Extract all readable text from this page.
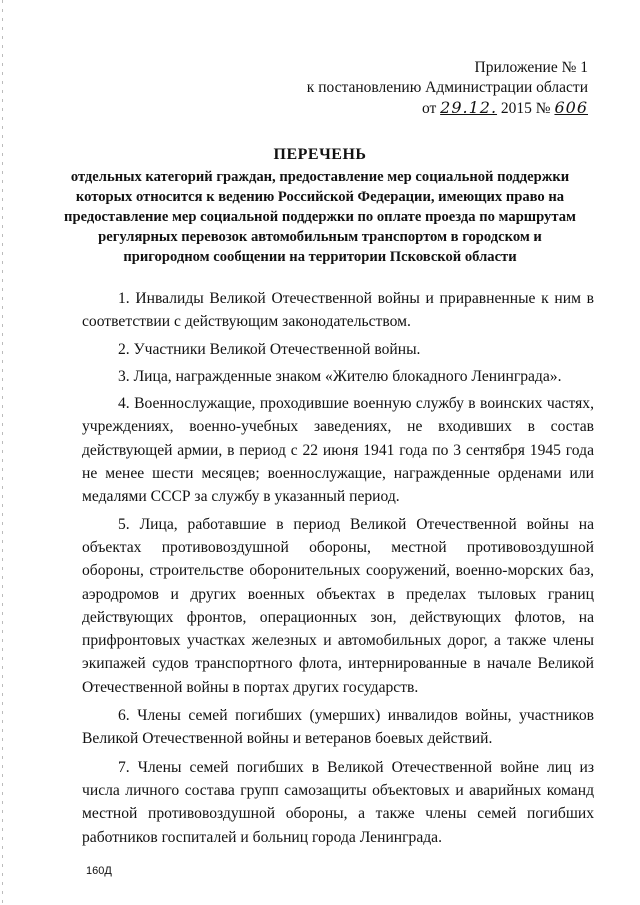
Приложение № 1
к постановлению Администрации области
от 29.12. 2015 № 606
ПЕРЕЧЕНЬ
отдельных категорий граждан, предоставление мер социальной поддержки которых относится к ведению Российской Федерации, имеющих право на предоставление мер социальной поддержки по оплате проезда по маршрутам регулярных перевозок автомобильным транспортом в городском и пригородном сообщении на территории Псковской области

1. Инвалиды Великой Отечественной войны и приравненные к ним в соответствии с действующим законодательством.

2. Участники Великой Отечественной войны.

3. Лица, награжденные знаком «Жителю блокадного Ленинграда».

4. Военнослужащие, проходившие военную службу в воинских частях, учреждениях, военно-учебных заведениях, не входивших в состав действующей армии, в период с 22 июня 1941 года по 3 сентября 1945 года не менее шести месяцев; военнослужащие, награжденные орденами или медалями СССР за службу в указанный период.

5. Лица, работавшие в период Великой Отечественной войны на объектах противовоздушной обороны, местной противовоздушной обороны, строительстве оборонительных сооружений, военно-морских баз, аэродромов и других военных объектах в пределах тыловых границ действующих фронтов, операционных зон, действующих флотов, на прифронтовых участках железных и автомобильных дорог, а также члены экипажей судов транспортного флота, интернированные в начале Великой Отечественной войны в портах других государств.

6. Члены семей погибших (умерших) инвалидов войны, участников Великой Отечественной войны и ветеранов боевых действий.

7. Члены семей погибших в Великой Отечественной войне лиц из числа личного состава групп самозащиты объектовых и аварийных команд местной противовоздушной обороны, а также члены семей погибших работников госпиталей и больниц города Ленинграда.

160Д
